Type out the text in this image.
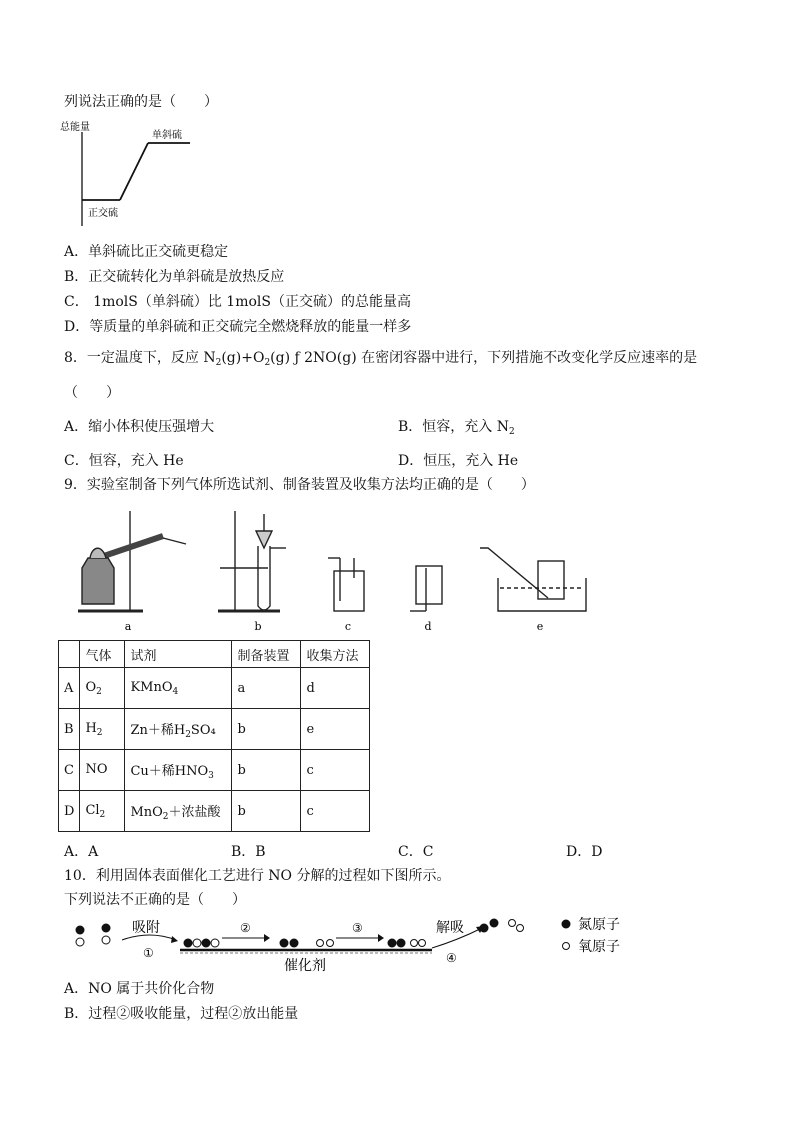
列说法正确的是（　　）
总能量
单斜硫
正交硫
A．单斜硫比正交硫更稳定
B．正交硫转化为单斜硫是放热反应
C． 1molS（单斜硫）比 1molS（正交硫）的总能量高
D．等质量的单斜硫和正交硫完全燃烧释放的能量一样多
8．一定温度下，反应 $N_2(g)+O_2(g)$ ƒ 2NO(g) 在密闭容器中进行，下列措施不改变化学反应速率的是
（　　）
A．缩小体积使压强增大	B．恒容，充入 $N_2$
C．恒容，充入 He	D．恒压，充入 He
9．实验室制备下列气体所选试剂、制备装置及收集方法均正确的是（　　）
a	b	c	d	e
	气体	试剂	制备装置	收集方法
A	$O_2$	KMnO$_4$	a	d
B	$H_2$	Zn＋稀$H_2SO_4$	b	e
C	NO	Cu＋稀$HNO_3$	b	c
D	$Cl_2$	MnO$_2$＋浓盐酸	b	c
A．A	B．B	C．C	D．D
10．利用固体表面催化工艺进行 NO 分解的过程如下图所示。
下列说法不正确的是（　　）
吸附
①
催化剂
②	③	解吸
④
氮原子
氧原子
A．NO 属于共价化合物
B．过程②吸收能量，过程②放出能量
